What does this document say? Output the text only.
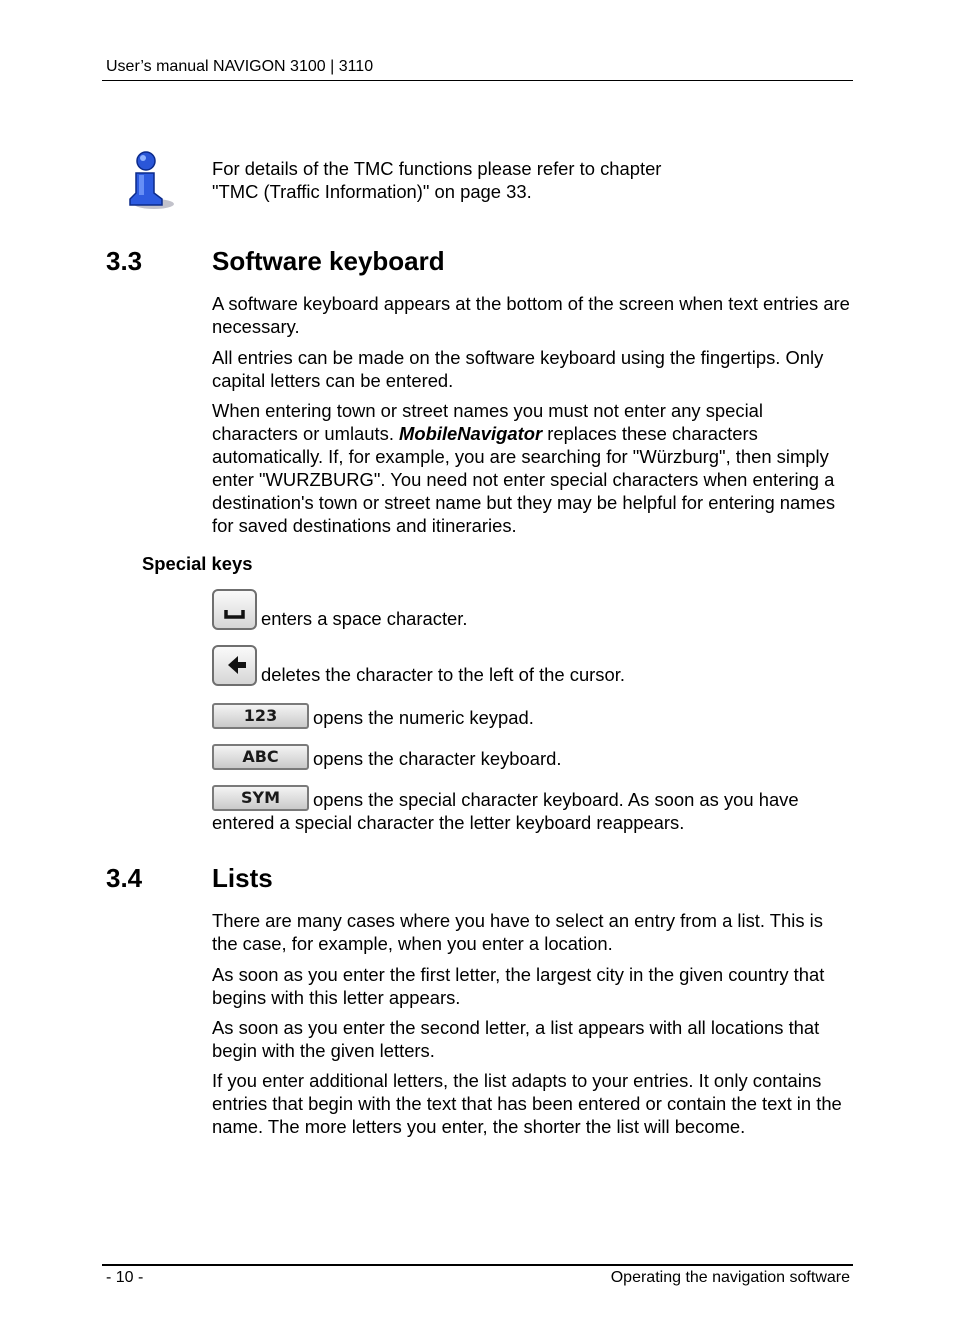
User’s manual NAVIGON 3100 | 3110

For details of the TMC functions please refer to chapter
"TMC (Traffic Information)" on page 33.

3.3	Software keyboard

A software keyboard appears at the bottom of the screen when text entries are necessary.

All entries can be made on the software keyboard using the fingertips. Only capital letters can be entered.

When entering town or street names you must not enter any special characters or umlauts. MobileNavigator replaces these characters automatically. If, for example, you are searching for "Würzburg", then simply enter "WURZBURG". You need not enter special characters when entering a destination's town or street name but they may be helpful for entering names for saved destinations and itineraries.

Special keys
enters a space character.
deletes the character to the left of the cursor.
123 opens the numeric keypad.
ABC opens the character keyboard.
SYM opens the special character keyboard. As soon as you have entered a special character the letter keyboard reappears.
3.4	Lists

There are many cases where you have to select an entry from a list. This is the case, for example, when you enter a location.

As soon as you enter the first letter, the largest city in the given country that begins with this letter appears.

As soon as you enter the second letter, a list appears with all locations that begin with the given letters.

If you enter additional letters, the list adapts to your entries. It only contains entries that begin with the text that has been entered or contain the text in the name. The more letters you enter, the shorter the list will become.

- 10 -	Operating the navigation software
